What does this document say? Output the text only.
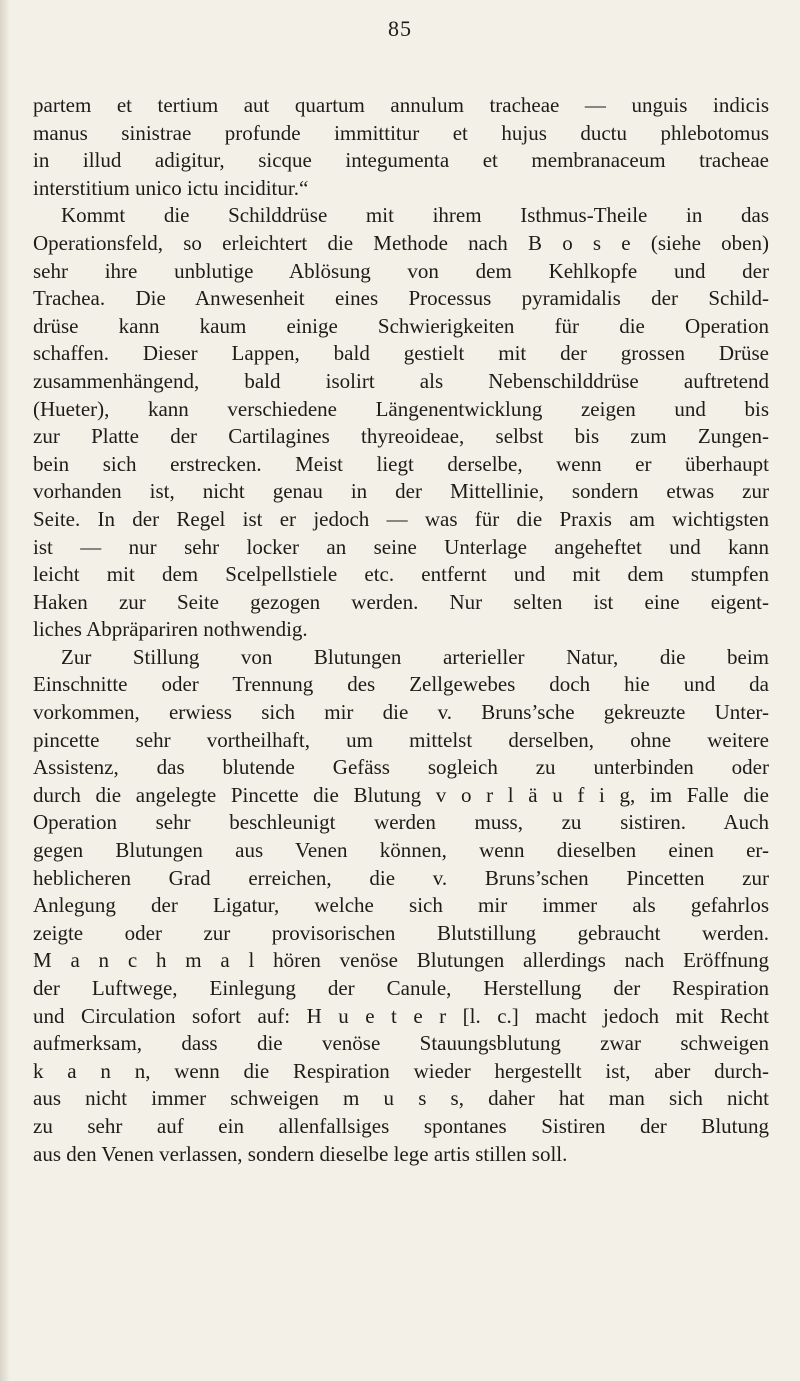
85
partem et tertium aut quartum annulum tracheae — unguis indicis
manus sinistrae profunde immittitur et hujus ductu phlebotomus
in illud adigitur, sicque integumenta et membranaceum tracheae
interstitium unico ictu inciditur.“
Kommt die Schilddrüse mit ihrem Isthmus-Theile in das
Operationsfeld, so erleichtert die Methode nach B o s e (siehe oben)
sehr ihre unblutige Ablösung von dem Kehlkopfe und der
Trachea. Die Anwesenheit eines Processus pyramidalis der Schild-
drüse kann kaum einige Schwierigkeiten für die Operation
schaffen. Dieser Lappen, bald gestielt mit der grossen Drüse
zusammenhängend, bald isolirt als Nebenschilddrüse auftretend
(Hueter), kann verschiedene Längenentwicklung zeigen und bis
zur Platte der Cartilagines thyreoideae, selbst bis zum Zungen-
bein sich erstrecken. Meist liegt derselbe, wenn er überhaupt
vorhanden ist, nicht genau in der Mittellinie, sondern etwas zur
Seite. In der Regel ist er jedoch — was für die Praxis am wichtigsten
ist — nur sehr locker an seine Unterlage angeheftet und kann
leicht mit dem Scelpellstiele etc. entfernt und mit dem stumpfen
Haken zur Seite gezogen werden. Nur selten ist eine eigent-
liches Abpräpariren nothwendig.
Zur Stillung von Blutungen arterieller Natur, die beim
Einschnitte oder Trennung des Zellgewebes doch hie und da
vorkommen, erwiess sich mir die v. Bruns’sche gekreuzte Unter-
pincette sehr vortheilhaft, um mittelst derselben, ohne weitere
Assistenz, das blutende Gefäss sogleich zu unterbinden oder
durch die angelegte Pincette die Blutung v o r l ä u f i g, im Falle die
Operation sehr beschleunigt werden muss, zu sistiren. Auch
gegen Blutungen aus Venen können, wenn dieselben einen er-
heblicheren Grad erreichen, die v. Bruns’schen Pincetten zur
Anlegung der Ligatur, welche sich mir immer als gefahrlos
zeigte oder zur provisorischen Blutstillung gebraucht werden.
M a n c h m a l hören venöse Blutungen allerdings nach Eröffnung
der Luftwege, Einlegung der Canule, Herstellung der Respiration
und Circulation sofort auf: H u e t e r [l. c.] macht jedoch mit Recht
aufmerksam, dass die venöse Stauungsblutung zwar schweigen
k a n n, wenn die Respiration wieder hergestellt ist, aber durch-
aus nicht immer schweigen m u s s, daher hat man sich nicht
zu sehr auf ein allenfallsiges spontanes Sistiren der Blutung
aus den Venen verlassen, sondern dieselbe lege artis stillen soll.
